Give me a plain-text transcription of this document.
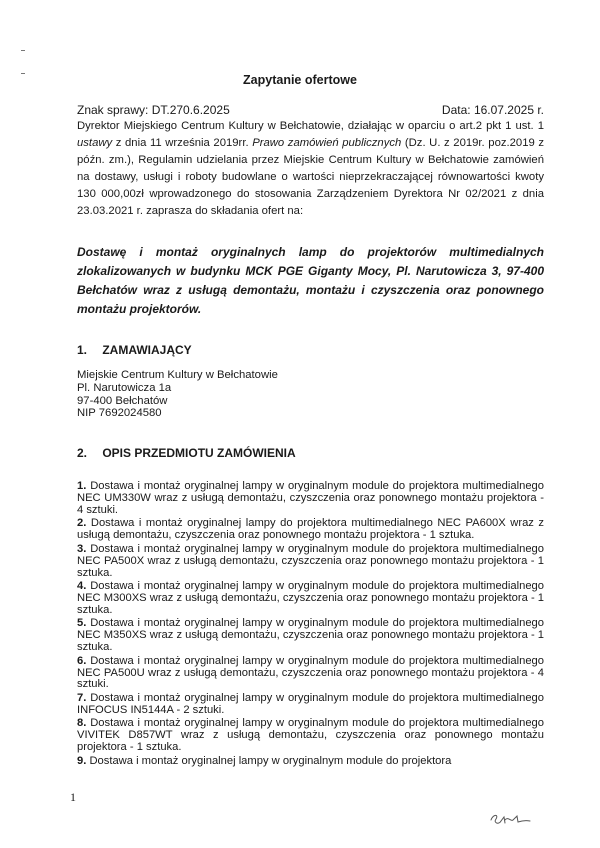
Zapytanie ofertowe
Znak sprawy: DT.270.6.2025	Data: 16.07.2025 r.
Dyrektor Miejskiego Centrum Kultury w Bełchatowie, działając w oparciu o art.2 pkt 1 ust. 1 ustawy z dnia 11 września 2019rr. Prawo zamówień publicznych (Dz. U. z 2019r. poz.2019 z późn. zm.), Regulamin udzielania przez Miejskie Centrum Kultury w Bełchatowie zamówień na dostawy, usługi i roboty budowlane o wartości nieprzekraczającej równowartości kwoty 130 000,00zł wprowadzonego do stosowania Zarządzeniem Dyrektora Nr 02/2021 z dnia 23.03.2021 r. zaprasza do składania ofert na:
Dostawę i montaż oryginalnych lamp do projektorów multimedialnych zlokalizowanych w budynku MCK PGE Giganty Mocy, Pl. Narutowicza 3, 97-400 Bełchatów wraz z usługą demontażu, montażu i czyszczenia oraz ponownego montażu projektorów.
1. ZAMAWIAJĄCY
Miejskie Centrum Kultury w Bełchatowie
Pl. Narutowicza 1a
97-400 Bełchatów
NIP 7692024580
2. OPIS PRZEDMIOTU ZAMÓWIENIA
1. Dostawa i montaż oryginalnej lampy w oryginalnym module do projektora multimedialnego NEC UM330W wraz z usługą demontażu, czyszczenia oraz ponownego montażu projektora - 4 sztuki.
2. Dostawa i montaż oryginalnej lampy do projektora multimedialnego NEC PA600X wraz z usługą demontażu, czyszczenia oraz ponownego montażu projektora - 1 sztuka.
3. Dostawa i montaż oryginalnej lampy w oryginalnym module do projektora multimedialnego NEC PA500X wraz z usługą demontażu, czyszczenia oraz ponownego montażu projektora - 1 sztuka.
4. Dostawa i montaż oryginalnej lampy w oryginalnym module do projektora multimedialnego NEC M300XS wraz z usługą demontażu, czyszczenia oraz ponownego montażu projektora - 1 sztuka.
5. Dostawa i montaż oryginalnej lampy w oryginalnym module do projektora multimedialnego NEC M350XS wraz z usługą demontażu, czyszczenia oraz ponownego montażu projektora - 1 sztuka.
6. Dostawa i montaż oryginalnej lampy w oryginalnym module do projektora multimedialnego NEC PA500U wraz z usługą demontażu, czyszczenia oraz ponownego montażu projektora - 4 sztuki.
7. Dostawa i montaż oryginalnej lampy w oryginalnym module do projektora multimedialnego INFOCUS IN5144A - 2 sztuki.
8. Dostawa i montaż oryginalnej lampy w oryginalnym module do projektora multimedialnego VIVITEK D857WT wraz z usługą demontażu, czyszczenia oraz ponownego montażu projektora - 1 sztuka.
9. Dostawa i montaż oryginalnej lampy w oryginalnym module do projektora
1
